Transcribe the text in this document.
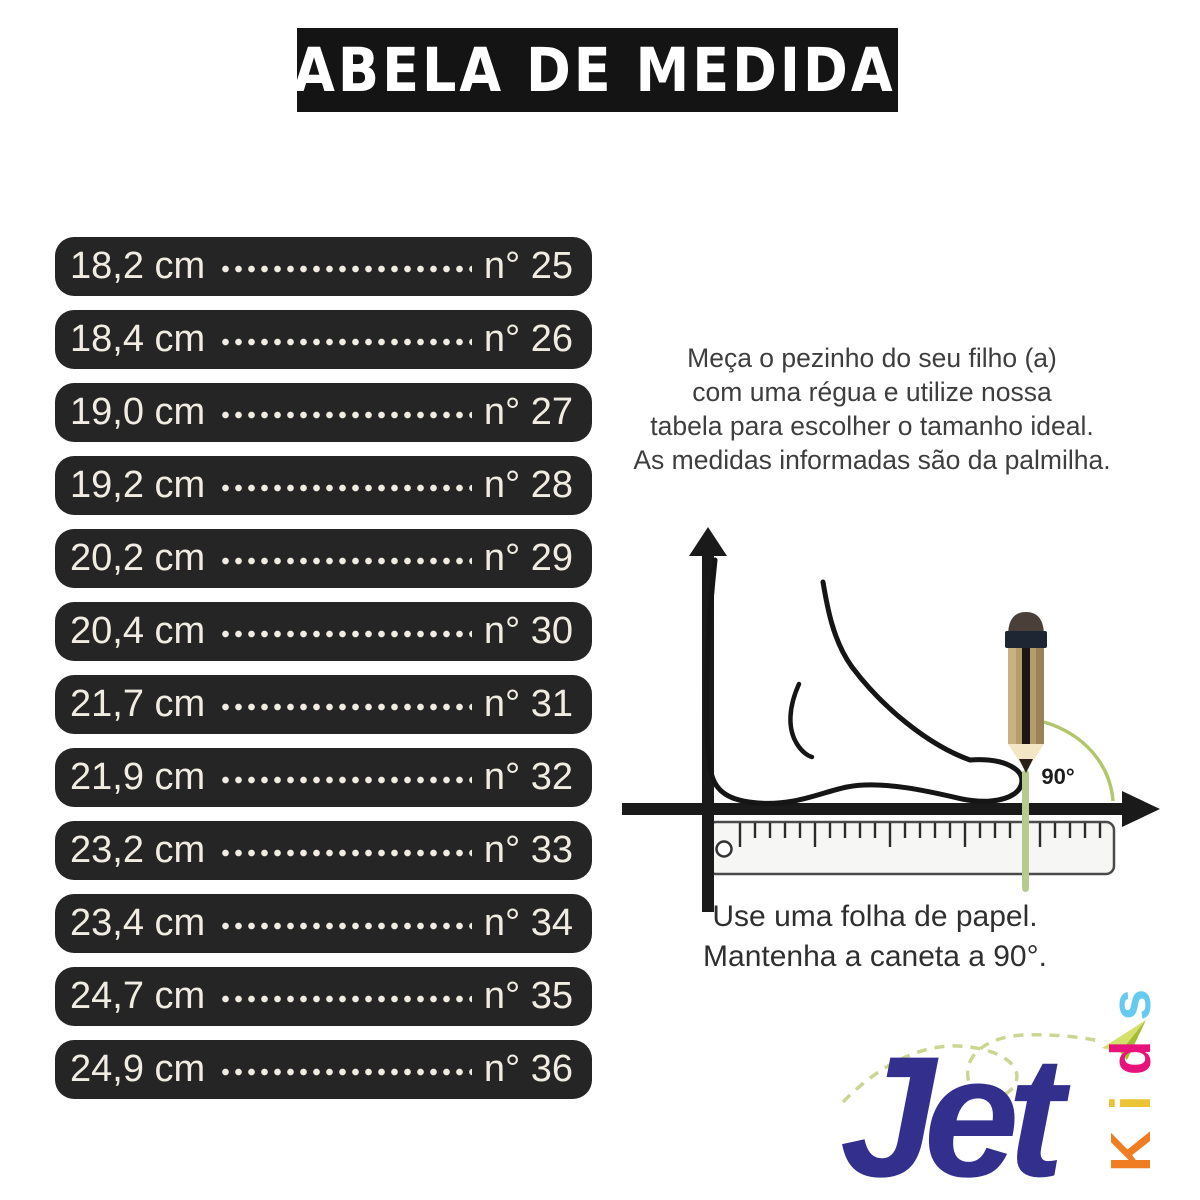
TABELA DE MEDIDAS
18,2 cm	n° 25
18,4 cm	n° 26
19,0 cm	n° 27
19,2 cm	n° 28
20,2 cm	n° 29
20,4 cm	n° 30
21,7 cm	n° 31
21,9 cm	n° 32
23,2 cm	n° 33
23,4 cm	n° 34
24,7 cm	n° 35
24,9 cm	n° 36
Meça o pezinho do seu filho (a)
com uma régua e utilize nossa
tabela para escolher o tamanho ideal.
As medidas informadas são da palmilha.
90°
Use uma folha de papel.
Mantenha a caneta a 90°.
Jet K i d s
